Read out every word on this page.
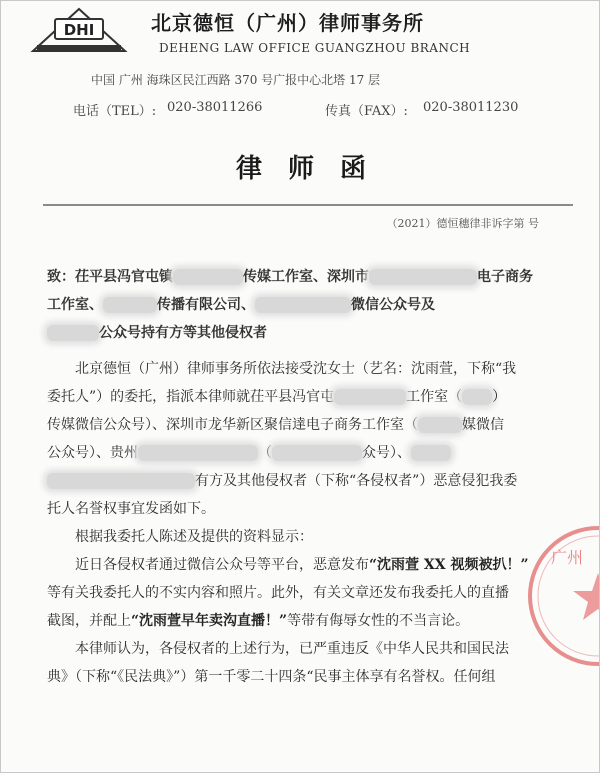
DHI	北京德恒（广州）律师事务所
DEHENG LAW OFFICE GUANGZHOU BRANCH
中国 广州 海珠区民江西路 370 号广报中心北塔 17 层
电话（TEL）: 020-38011266	传真（FAX）: 020-38011230
律师函
（2021）德恒穗律非诉字第 号

致：茌平县冯官屯镇	传媒工作室、深圳市	电子商务
工作室、	传播有限公司、	微信公众号及
公众号持有方等其他侵权者

北京德恒（广州）律师事务所依法接受沈女士（艺名：沈雨萱，下称“我
委托人”）的委托，指派本律师就茌平县冯官屯	工作室（ ）
传媒微信公众号）、深圳市龙华新区聚信達电子商务工作室（	媒微信
公众号）、贵州	（	众号）、
有方及其他侵权者（下称“各侵权者”）恶意侵犯我委
托人名誉权事宜发函如下。

根据我委托人陈述及提供的资料显示：

近日各侵权者通过微信公众号等平台，恶意发布“沈雨萱 XX 视频被扒！”
等有关我委托人的不实内容和照片。此外，有关文章还发布我委托人的直播
截图，并配上“沈雨萱早年卖沟直播！”等带有侮辱女性的不当言论。

本律师认为，各侵权者的上述行为，已严重违反《中华人民共和国民法
典》（下称“《民法典》”）第一千零二十四条“民事主体享有名誉权。任何组

广州
